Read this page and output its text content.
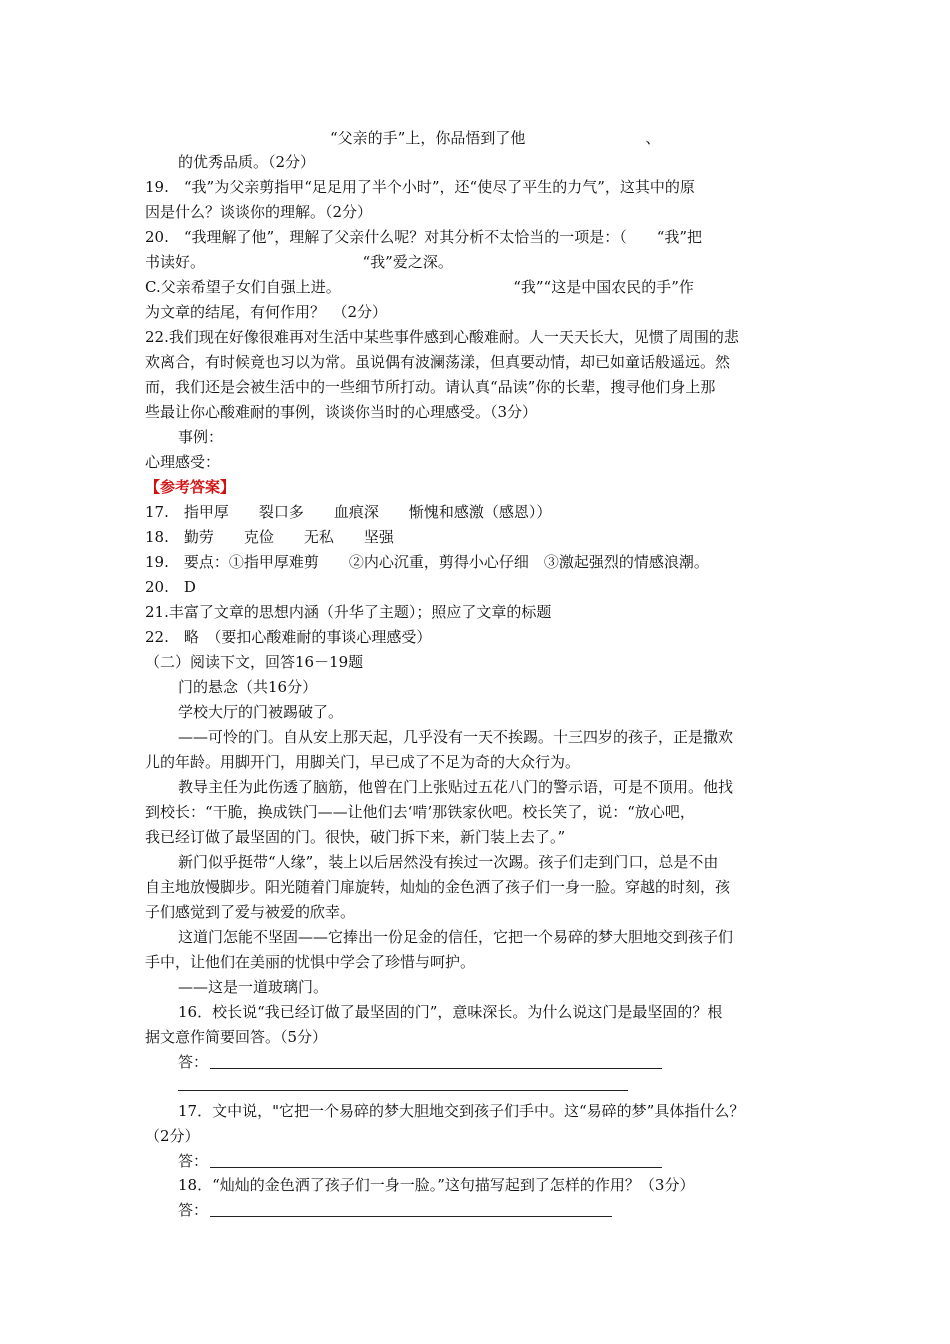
“父亲的手”上，你品悟到了他　　　　　　　　、
的优秀品质。（2分）
19.　“我”为父亲剪指甲“足足用了半个小时”，还“使尽了平生的力气”，这其中的原
因是什么？谈谈你的理解。（2分）
20.　“我理解了他”，理解了父亲什么呢？对其分析不太恰当的一项是：（　　“我”把
书读好。　　　　　　　　　　　“我”爱之深。
C.父亲希望子女们自强上进。　　　　　　　　　　　　“我”“这是中国农民的手”作
为文章的结尾，有何作用？　（2分）
22.我们现在好像很难再对生活中某些事件感到心酸难耐。人一天天长大，见惯了周围的悲
欢离合，有时候竟也习以为常。虽说偶有波澜荡漾，但真要动情，却已如童话般遥远。然
而，我们还是会被生活中的一些细节所打动。请认真“品读”你的长辈，搜寻他们身上那
些最让你心酸难耐的事例，谈谈你当时的心理感受。（3分）
事例：
心理感受：
【参考答案】
17.　指甲厚　　裂口多　　血痕深　　惭愧和感激（感恩））
18.　勤劳　　克俭　　无私　　坚强
19.　要点：①指甲厚难剪　　②内心沉重，剪得小心仔细　③激起强烈的情感浪潮。
20.　D
21.丰富了文章的思想内涵（升华了主题）；照应了文章的标题
22.　略　（要扣心酸难耐的事谈心理感受）
（二）阅读下文，回答16－19题
门的悬念（共16分）
学校大厅的门被踢破了。
——可怜的门。自从安上那天起，几乎没有一天不挨踢。十三四岁的孩子，正是撒欢
儿的年龄。用脚开门，用脚关门，早已成了不足为奇的大众行为。
教导主任为此伤透了脑筋，他曾在门上张贴过五花八门的警示语，可是不顶用。他找
到校长：“干脆，换成铁门——让他们去‘啃’那铁家伙吧。校长笑了，说：“放心吧，
我已经订做了最坚固的门。很快，破门拆下来，新门装上去了。”
新门似乎挺带“人缘”，装上以后居然没有挨过一次踢。孩子们走到门口，总是不由
自主地放慢脚步。阳光随着门扉旋转，灿灿的金色洒了孩子们一身一脸。穿越的时刻，孩
子们感觉到了爱与被爱的欣幸。
这道门怎能不坚固——它捧出一份足金的信任，它把一个易碎的梦大胆地交到孩子们
手中，让他们在美丽的忧惧中学会了珍惜与呵护。
——这是一道玻璃门。
16．校长说“我已经订做了最坚固的门”，意味深长。为什么说这门是最坚固的？根
据文意作简要回答。（5分）
答：
17．文中说，"它把一个易碎的梦大胆地交到孩子们手中。这“易碎的梦”具体指什么？
（2分）
答：
18．“灿灿的金色洒了孩子们一身一脸。”这句描写起到了怎样的作用？（3分）
答：
